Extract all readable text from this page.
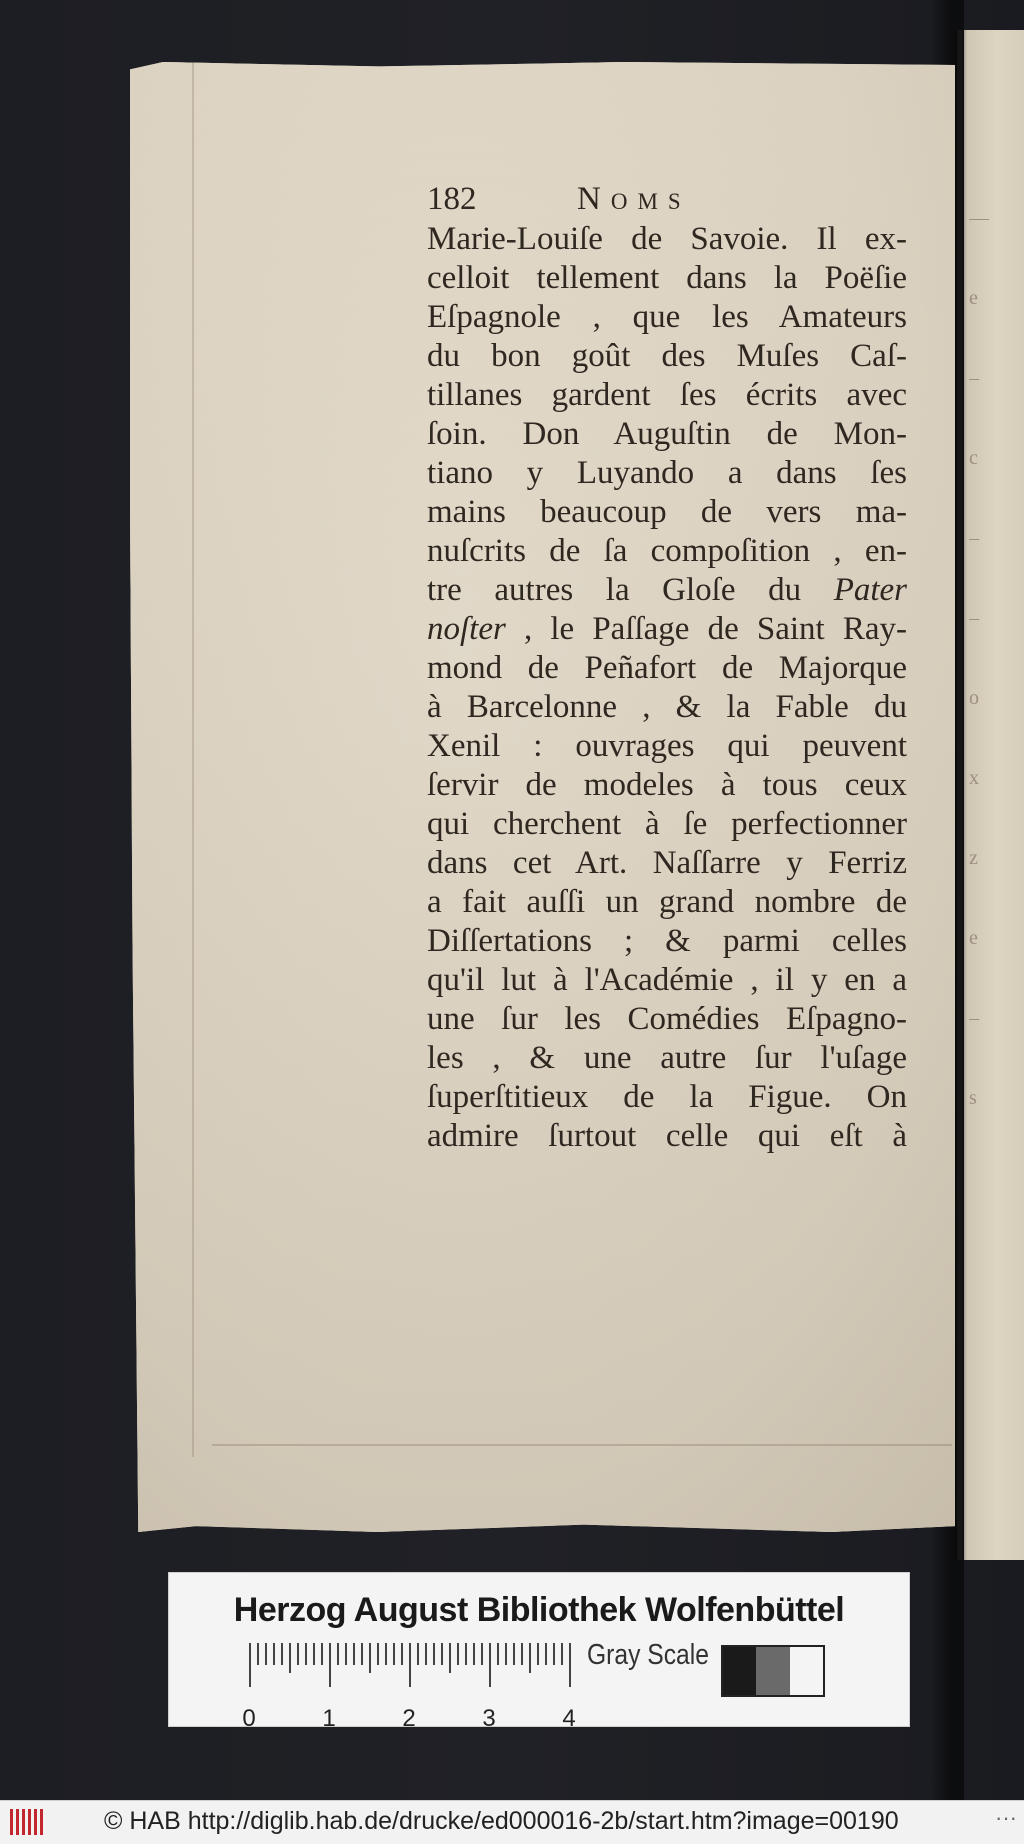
—
e
–
c
–
–
o
x
z
e
–
s
182	Noms
Marie-Louiſe de Savoie. Il ex-
celloit tellement dans la Poëſie
Eſpagnole , que les Amateurs
du bon goût des Muſes Caſ-
tillanes gardent ſes écrits avec
ſoin. Don Auguſtin de Mon-
tiano y Luyando a dans ſes
mains beaucoup de vers ma-
nuſcrits de ſa compoſition , en-
tre autres la Gloſe du Pater
noſter , le Paſſage de Saint Ray-
mond de Peñafort de Majorque
à Barcelonne , & la Fable du
Xenil : ouvrages qui peuvent
ſervir de modeles à tous ceux
qui cherchent à ſe perfectionner
dans cet Art. Naſſarre y Ferriz
a fait auſſi un grand nombre de
Diſſertations ; & parmi celles
qu'il lut à l'Académie , il y en a
une ſur les Comédies Eſpagno-
les , & une autre ſur l'uſage
ſuperſtitieux de la Figue. On
admire ſurtout celle qui eſt à
Herzog August Bibliothek Wolfenbüttel
0	1	2	3	4
Gray Scale
© HAB http://diglib.hab.de/drucke/ed000016-2b/start.htm?image=00190	···
